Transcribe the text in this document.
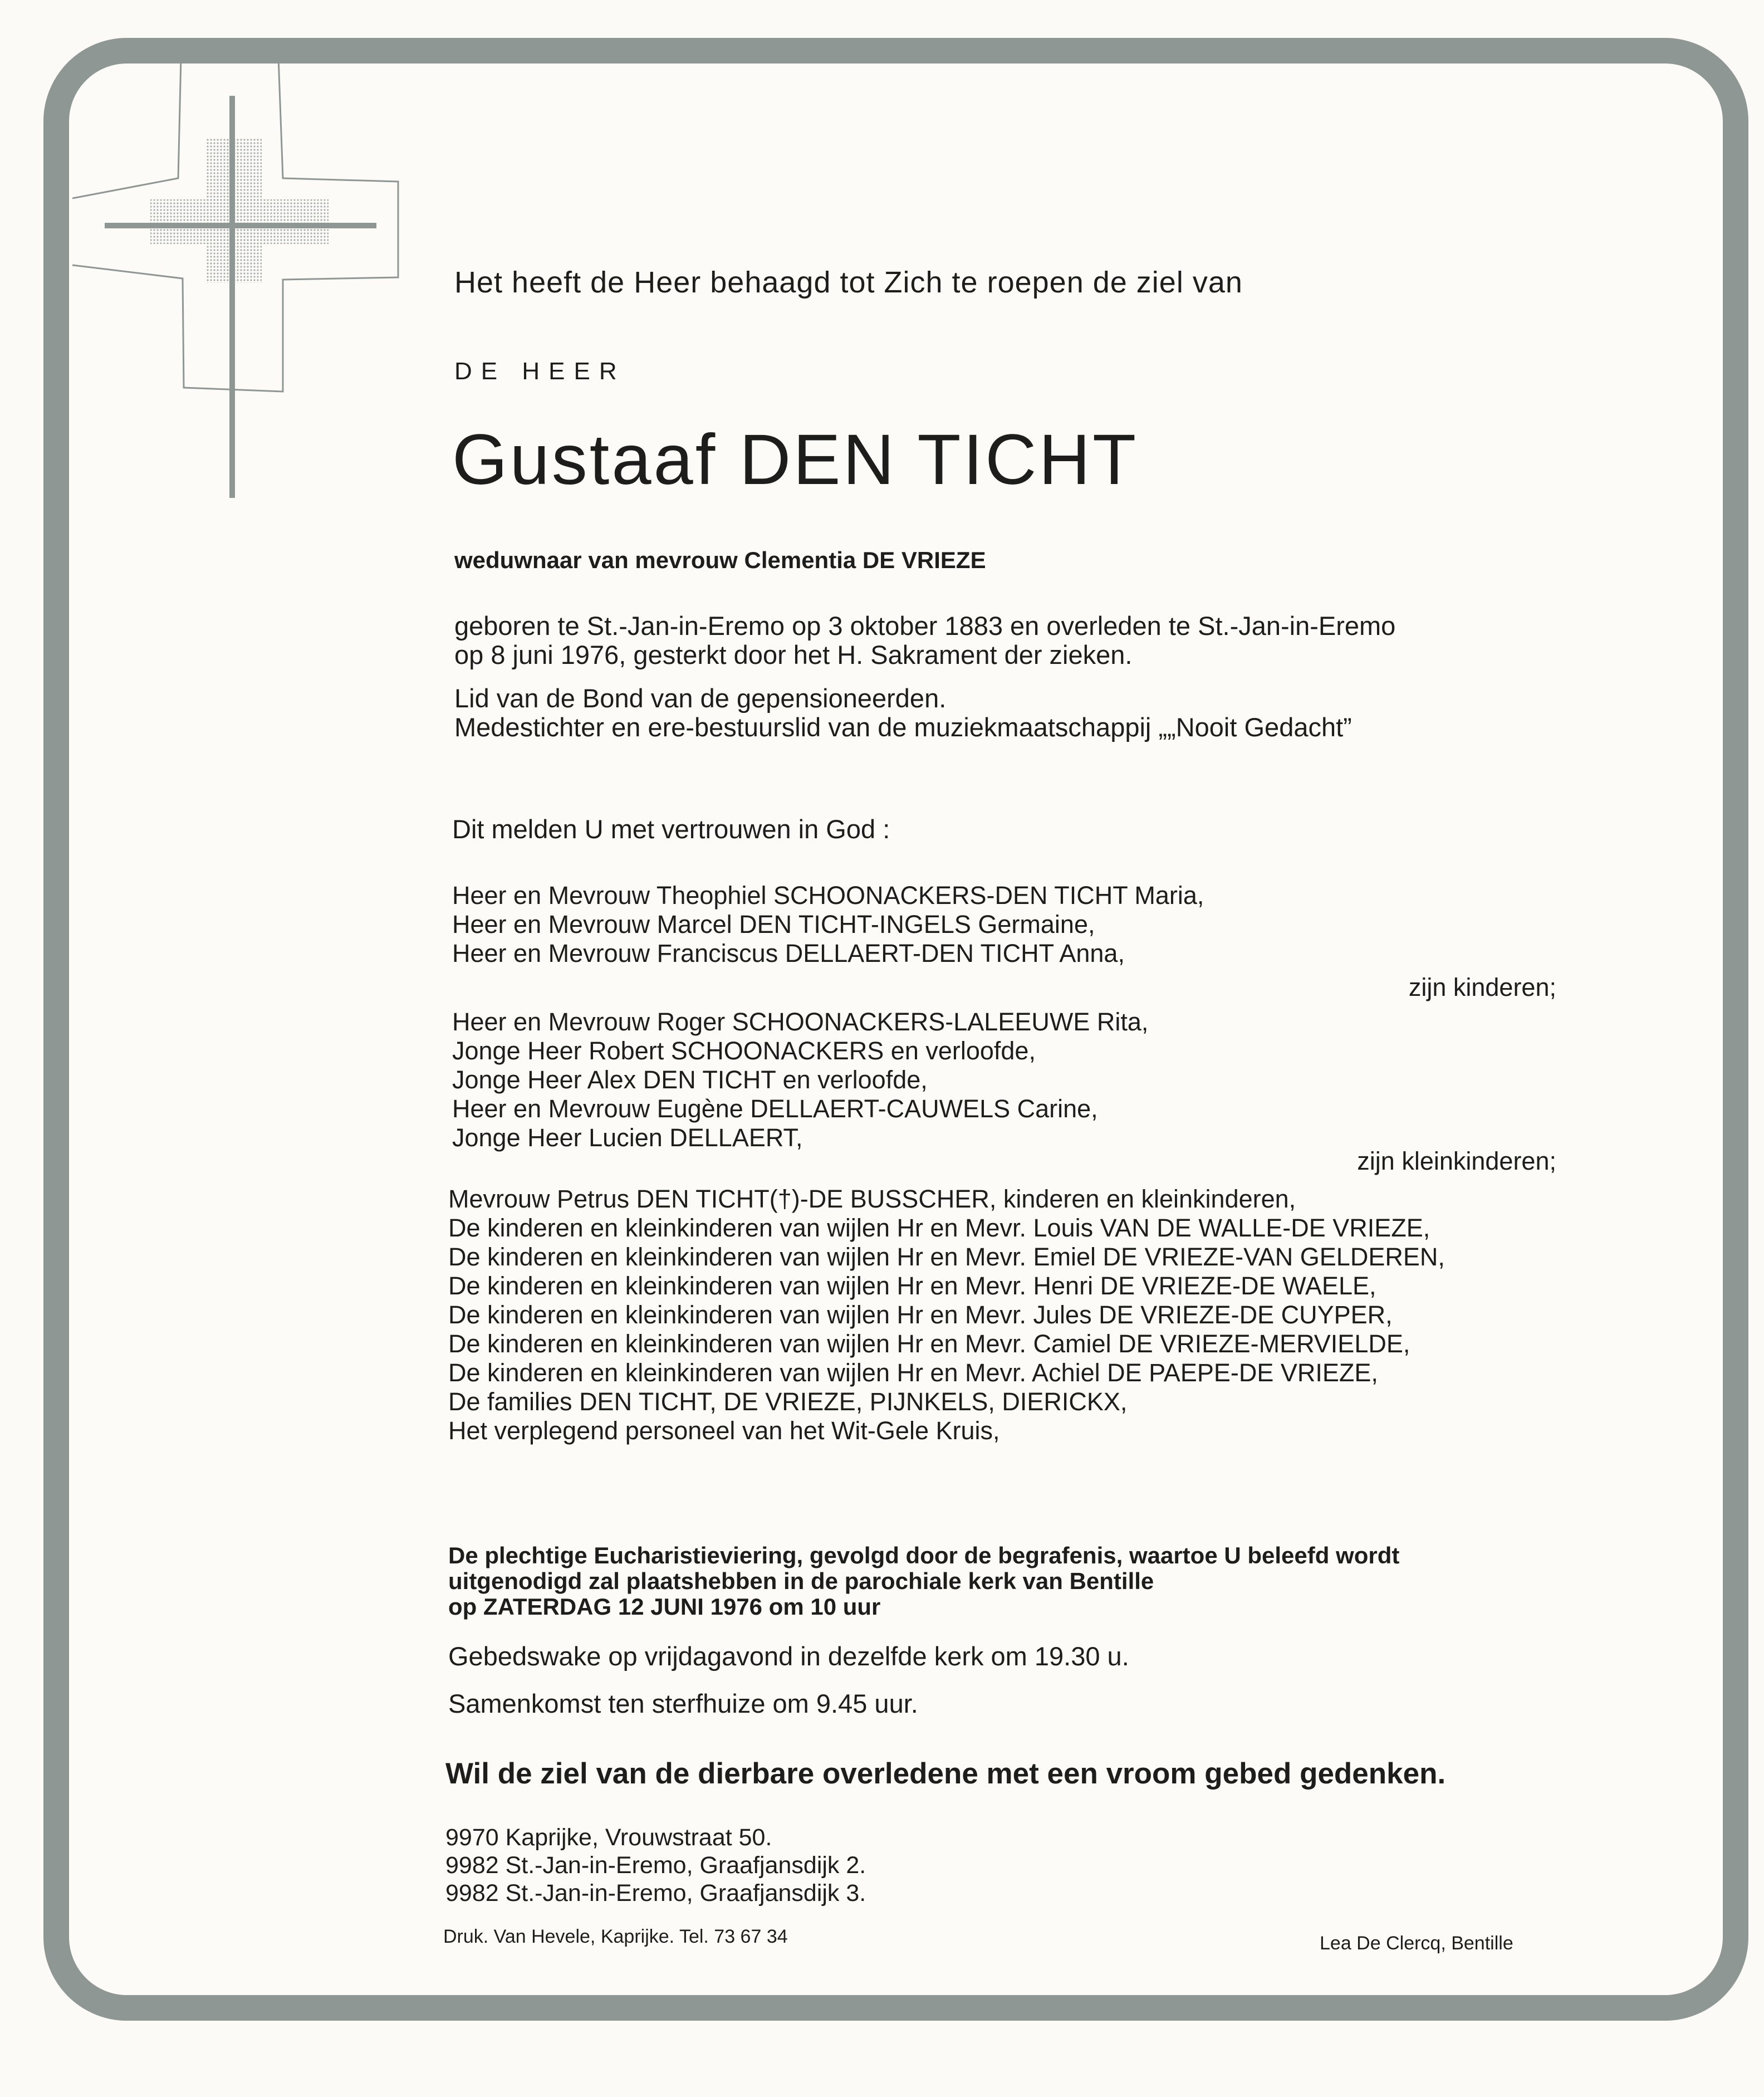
Het heeft de Heer behaagd tot Zich te roepen de ziel van
DE HEER
Gustaaf DEN TICHT
weduwnaar van mevrouw Clementia DE VRIEZE
geboren te St.-Jan-in-Eremo op 3 oktober 1883 en overleden te St.-Jan-in-Eremo
op 8 juni 1976, gesterkt door het H. Sakrament der zieken.
Lid van de Bond van de gepensioneerden.
Medestichter en ere-bestuurslid van de muziekmaatschappij „„Nooit Gedacht”
Dit melden U met vertrouwen in God :
Heer en Mevrouw Theophiel SCHOONACKERS-DEN TICHT Maria,
Heer en Mevrouw Marcel DEN TICHT-INGELS Germaine,
Heer en Mevrouw Franciscus DELLAERT-DEN TICHT Anna,
zijn kinderen;
Heer en Mevrouw Roger SCHOONACKERS-LALEEUWE Rita,
Jonge Heer Robert SCHOONACKERS en verloofde,
Jonge Heer Alex DEN TICHT en verloofde,
Heer en Mevrouw Eugène DELLAERT-CAUWELS Carine,
Jonge Heer Lucien DELLAERT,
zijn kleinkinderen;
Mevrouw Petrus DEN TICHT(†)-DE BUSSCHER, kinderen en kleinkinderen,
De kinderen en kleinkinderen van wijlen Hr en Mevr. Louis VAN DE WALLE-DE VRIEZE,
De kinderen en kleinkinderen van wijlen Hr en Mevr. Emiel DE VRIEZE-VAN GELDEREN,
De kinderen en kleinkinderen van wijlen Hr en Mevr. Henri DE VRIEZE-DE WAELE,
De kinderen en kleinkinderen van wijlen Hr en Mevr. Jules DE VRIEZE-DE CUYPER,
De kinderen en kleinkinderen van wijlen Hr en Mevr. Camiel DE VRIEZE-MERVIELDE,
De kinderen en kleinkinderen van wijlen Hr en Mevr. Achiel DE PAEPE-DE VRIEZE,
De families DEN TICHT, DE VRIEZE, PIJNKELS, DIERICKX,
Het verplegend personeel van het Wit-Gele Kruis,
De plechtige Eucharistieviering, gevolgd door de begrafenis, waartoe U beleefd wordt
uitgenodigd zal plaatshebben in de parochiale kerk van Bentille
op ZATERDAG 12 JUNI 1976 om 10 uur
Gebedswake op vrijdagavond in dezelfde kerk om 19.30 u.
Samenkomst ten sterfhuize om 9.45 uur.
Wil de ziel van de dierbare overledene met een vroom gebed gedenken.
9970 Kaprijke, Vrouwstraat 50.
9982 St.-Jan-in-Eremo, Graafjansdijk 2.
9982 St.-Jan-in-Eremo, Graafjansdijk 3.
Druk. Van Hevele, Kaprijke. Tel. 73 67 34	Lea De Clercq, Bentille
